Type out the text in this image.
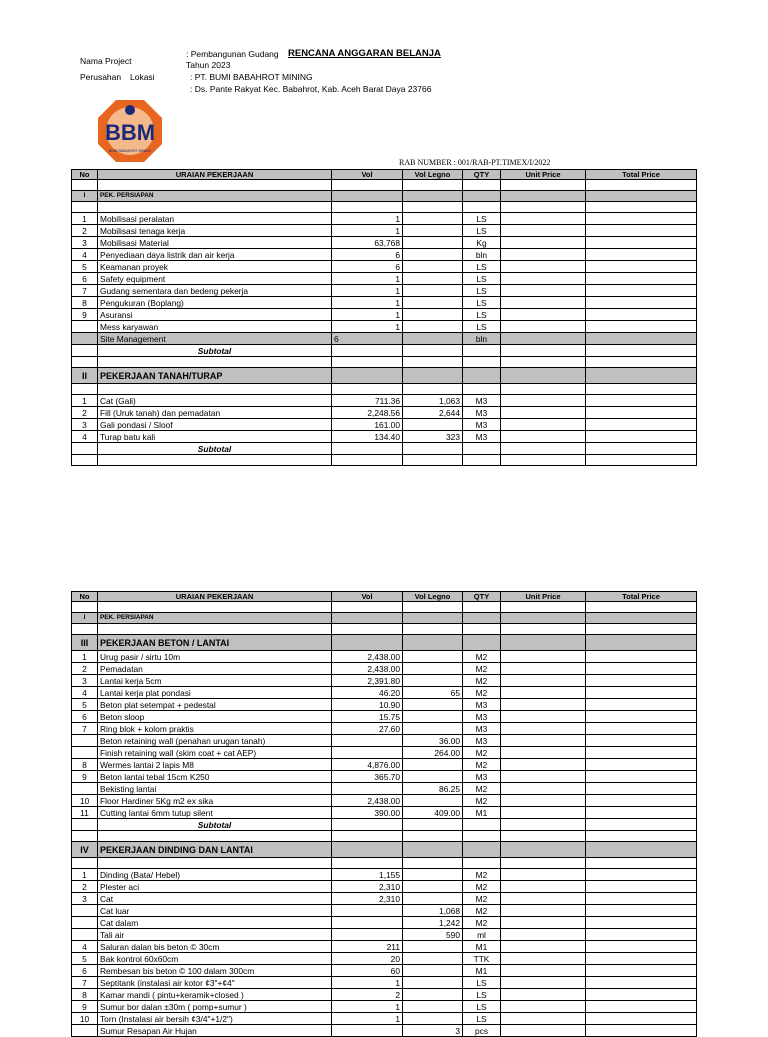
Nama Project
: Pembangunan Gudang RENCANA ANGGARAN BELANJA
Tahun 2023
Perusahan Lokasi	: PT. BUMI BABAHROT MINING
: Ds. Pante Rakyat Kec. Babahrot, Kab. Aceh Barat Daya 23766
BBM
BUMI BABAHROT MINING
RAB NUMBER : 001/RAB-PT.TIMEX/I/2022
No	URAIAN PEKERJAAN	Vol	Vol Legno	QTY	Unit Price	Total Price

I	PEK. PERSIAPAN					

1	Mobilisasi peralatan	1		LS		
2	Mobilisasi tenaga kerja	1		LS		
3	Mobilisasi Material	63,768		Kg		
4	Penyediaan daya listrik dan air kerja	6		bln		
5	Keamanan proyek	6		LS		
6	Safety equipment	1		LS		
7	Gudang sementara dan bedeng pekerja	1		LS		
8	Pengukuran (Boplang)	1		LS		
9	Asuransi	1		LS		
	Mess karyawan	1		LS		
	Site Management	6		bln		
	Subtotal					

II	PEKERJAAN TANAH/TURAP					

1	Cat (Gali)	711.36	1,063	M3		
2	Fill (Uruk tanah) dan pemadatan	2,248.56	2,644	M3		
3	Gali pondasi / Sloof	161.00		M3		
4	Turap batu kali	134.40	323	M3		
	Subtotal					

No	URAIAN PEKERJAAN	Vol	Vol Legno	QTY	Unit Price	Total Price

I	PEK. PERSIAPAN					

III	PEKERJAAN BETON / LANTAI					
1	Urug pasir / sirtu 10m	2,438.00		M2		
2	Pemadatan	2,438.00		M2		
3	Lantai kerja 5cm	2,391.80		M2		
4	Lantai kerja plat pondasi	46.20	65	M2		
5	Beton plat setempat + pedestal	10.90		M3		
6	Beton sloop	15.75		M3		
7	Ring blok + kolom praktis	27.60		M3		
	Beton retaining wall (penahan urugan tanah)		36.00	M3		
	Finish retaining wall (skim coat + cat AEP)		264.00	M2		
8	Wermes lantai 2 lapis M8	4,876.00		M2		
9	Beton lantai tebal 15cm K250	365.70		M3		
	Bekisting lantai		86.25	M2		
10	Floor Hardiner 5Kg m2 ex sika	2,438.00		M2		
11	Cutting lantai 6mm tutup silent	390.00	409.00	M1		
	Subtotal					

IV	PEKERJAAN DINDING DAN LANTAI					

1	Dinding (Bata/ Hebel)	1,155		M2		
2	Plester aci	2,310		M2		
3	Cat	2,310		M2		
	Cat luar		1,068	M2		
	Cat dalam		1,242	M2		
	Tali air		590	ml		
4	Saluran dalan bis beton © 30cm	211		M1		
5	Bak kontrol 60x60cm	20		TTK		
6	Rembesan bis beton © 100 dalam 300cm	60		M1		
7	Septitank (instalasi air kotor ¢3"+¢4"	1		LS		
8	Kamar mandi ( pintu+keramik+closed )	2		LS		
9	Sumur bor dalan ±30m ( pomp+sumur )	1		LS		
10	Torn (Instalasi air bersih ¢3/4"+1/2")	1		LS		
	Sumur Resapan Air Hujan		3	pcs		
